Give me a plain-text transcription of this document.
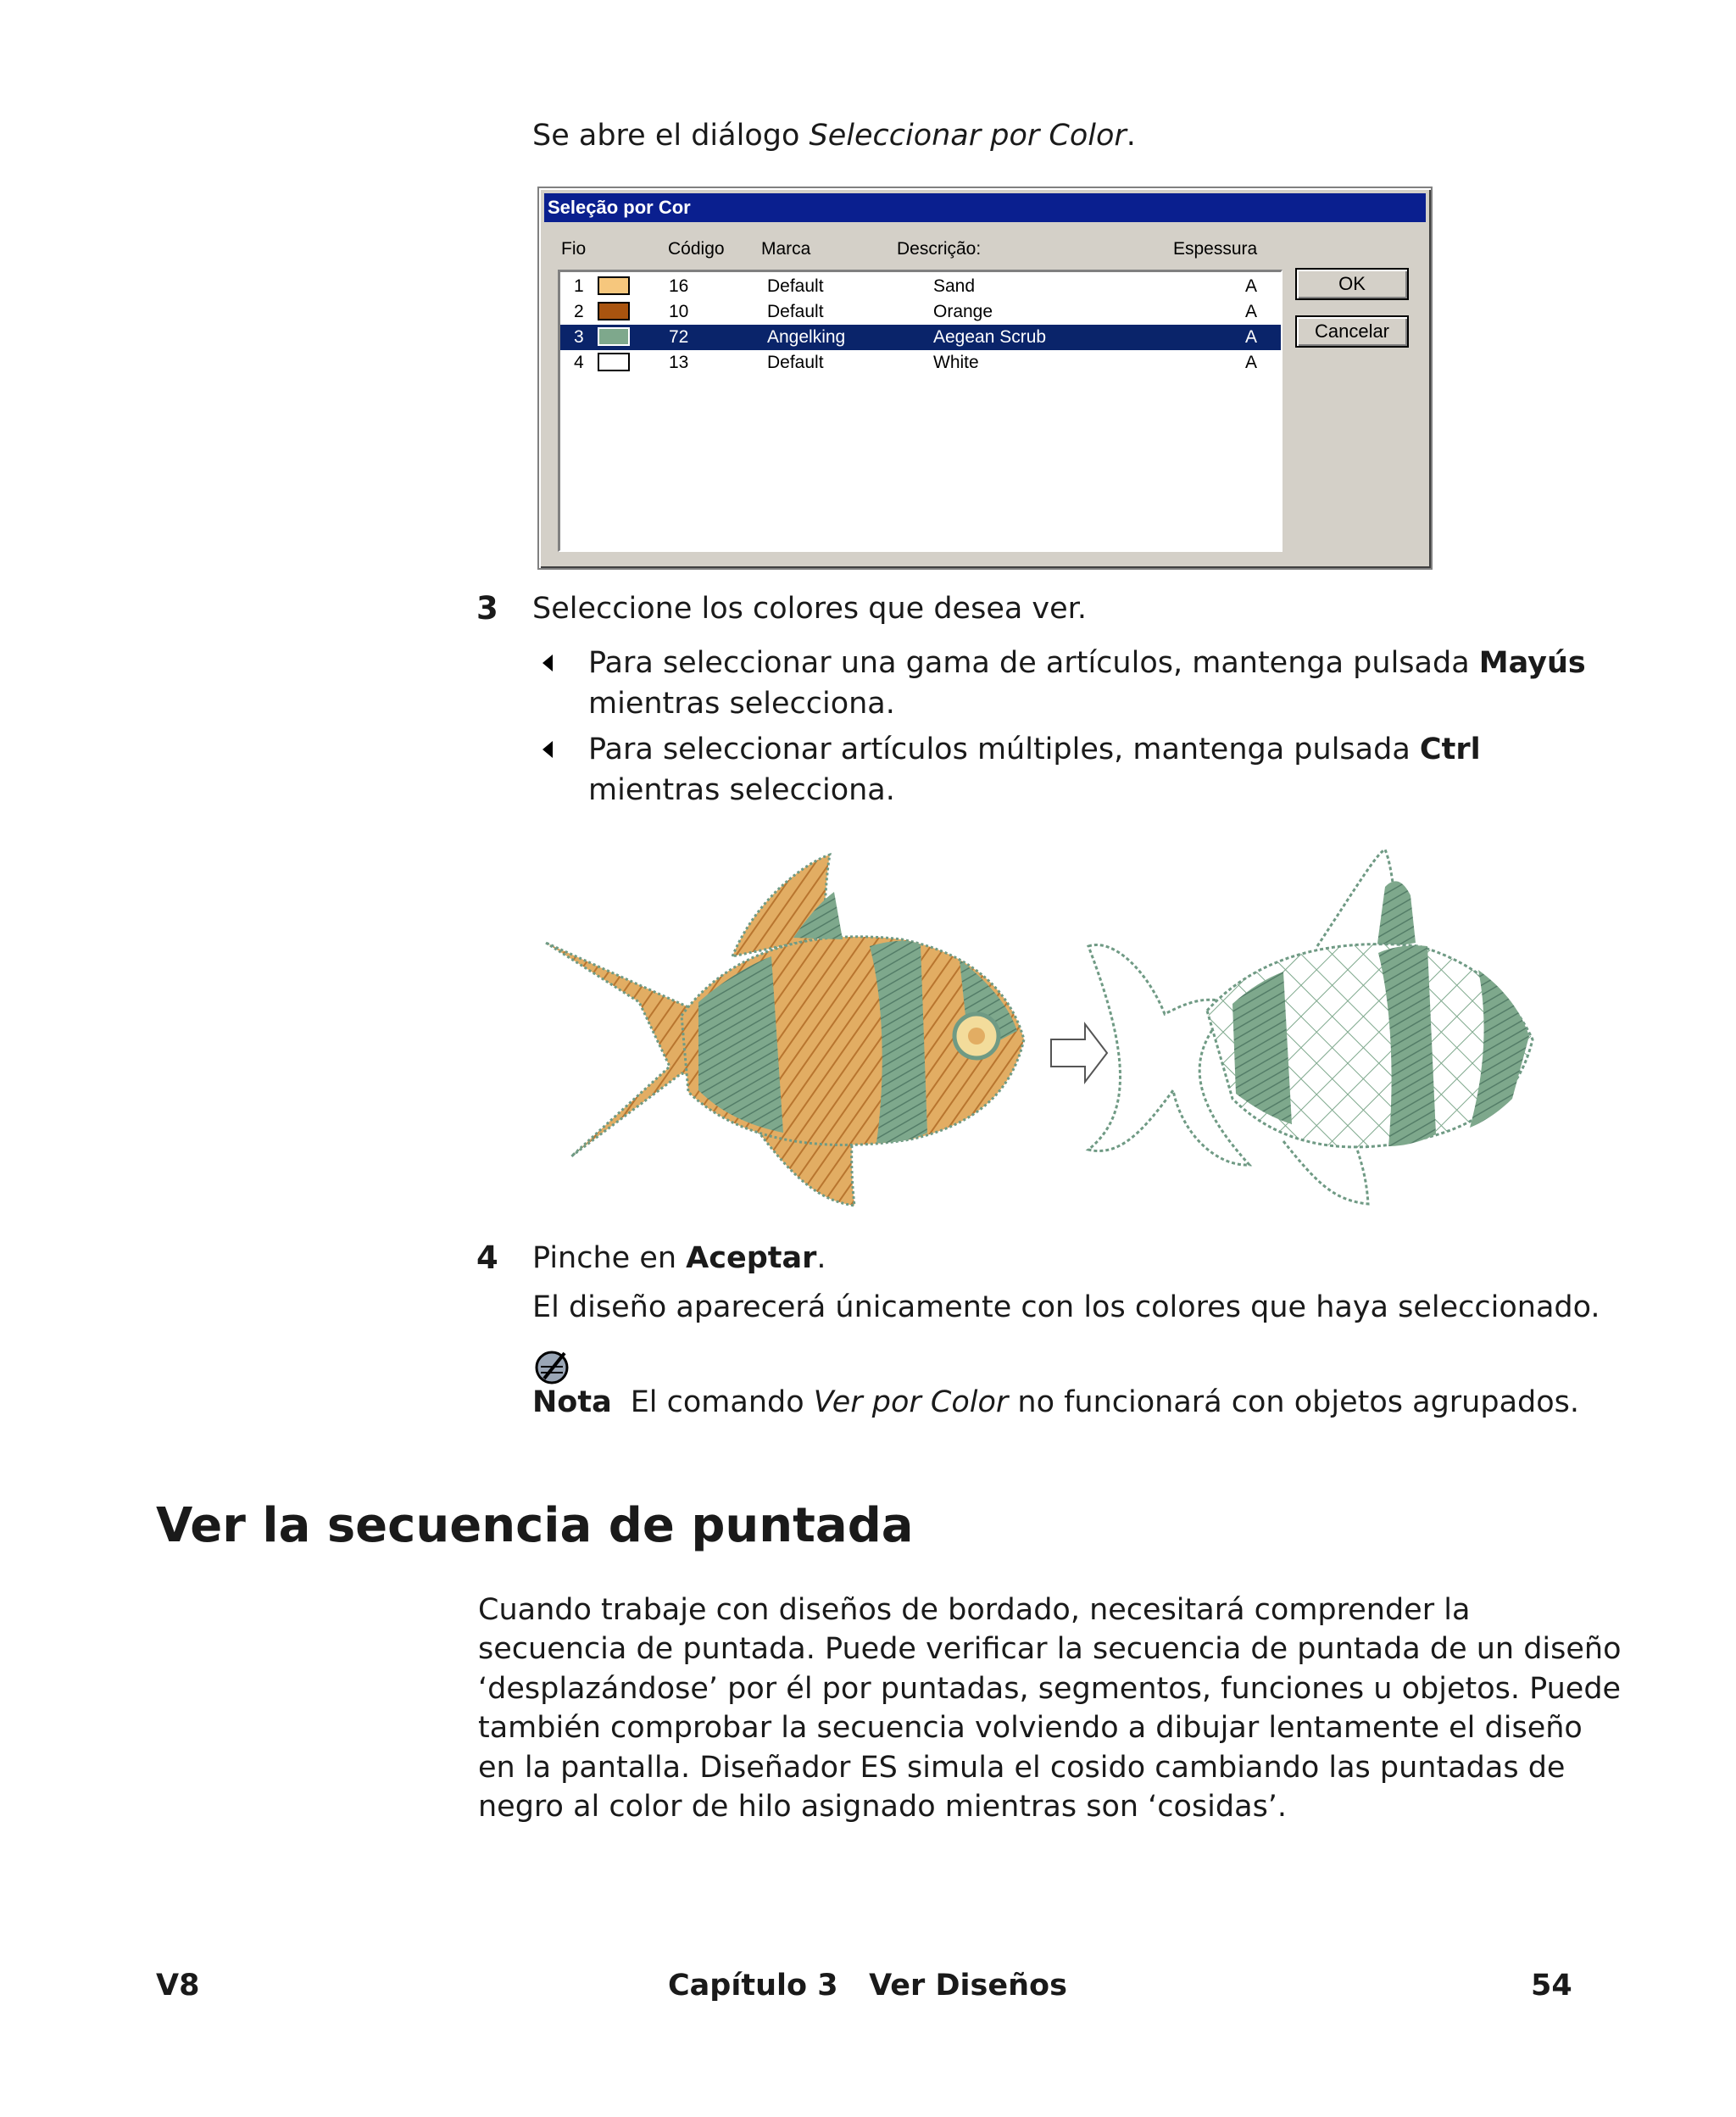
Se abre el diálogo Seleccionar por Color.
Seleção por Cor
Fio	Código Marca	Descrição:	Espessura
1	16	Default	Sand	A
2	10	Default	Orange	A
3	72	Angelking	Aegean Scrub	A
4	13	Default	White	A
OK
Cancelar
3 Seleccione los colores que desea ver.
Para seleccionar una gama de artículos, mantenga pulsada Mayús
mientras selecciona.
Para seleccionar artículos múltiples, mantenga pulsada Ctrl
mientras selecciona.
4 Pinche en Aceptar.
El diseño aparecerá únicamente con los colores que haya seleccionado.
Nota El comando Ver por Color no funcionará con objetos agrupados.
Ver la secuencia de puntada
Cuando trabaje con diseños de bordado, necesitará comprender la
secuencia de puntada. Puede verificar la secuencia de puntada de un diseño
‘desplazándose’ por él por puntadas, segmentos, funciones u objetos. Puede
también comprobar la secuencia volviendo a dibujar lentamente el diseño
en la pantalla. Diseñador ES simula el cosido cambiando las puntadas de
negro al color de hilo asignado mientras son ‘cosidas’.
V8	Capítulo 3   Ver Diseños	54
